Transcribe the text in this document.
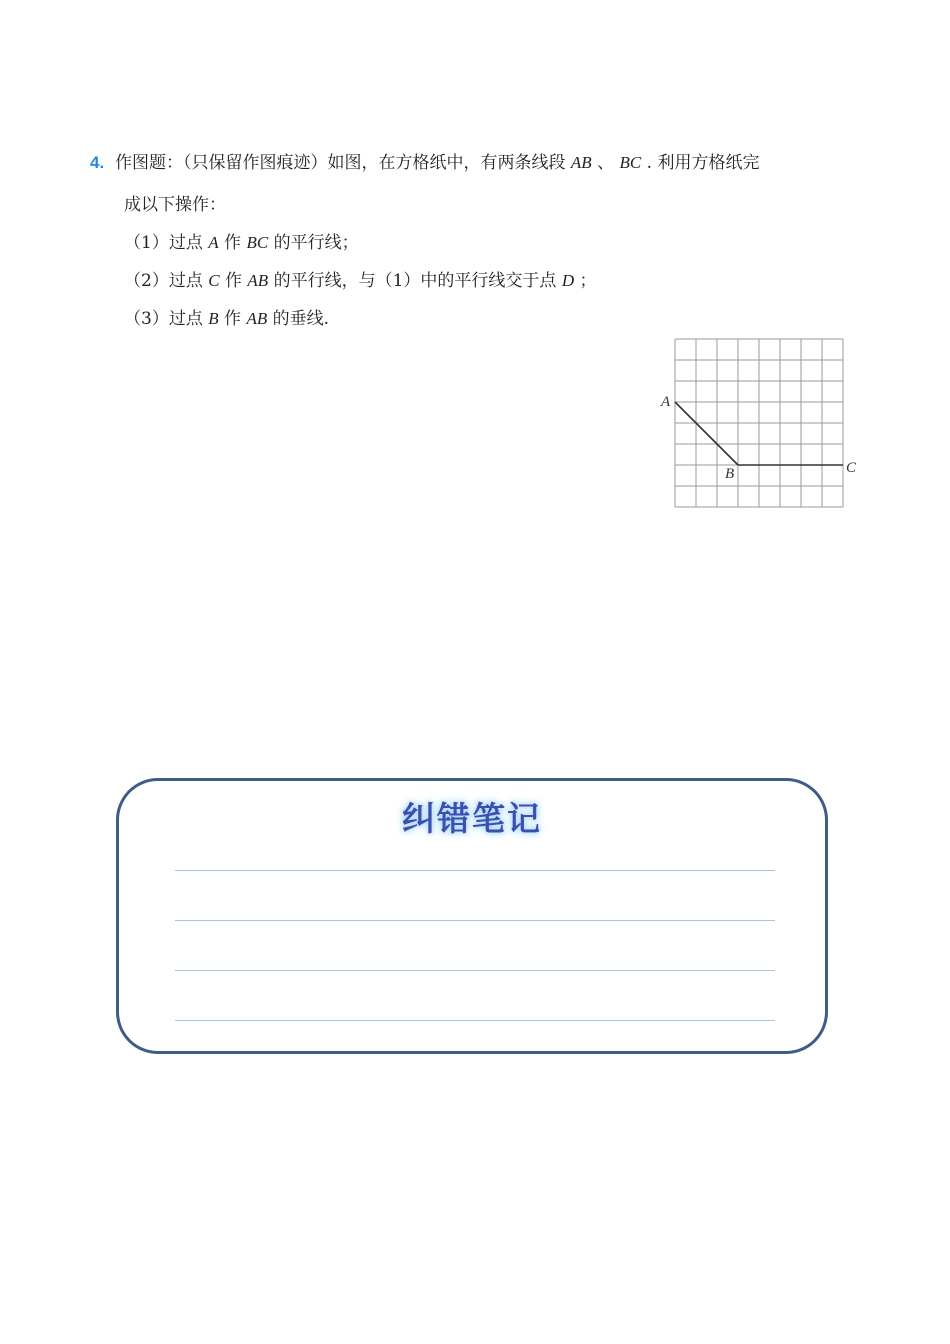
4. 作图题：（只保留作图痕迹）如图，在方格纸中，有两条线段 AB 、 BC . 利用方格纸完
成以下操作：
（1）过点 A 作 BC 的平行线；
（2）过点 C 作 AB 的平行线，与（1）中的平行线交于点 D ；
（3）过点 B 作 AB 的垂线.
A
B	C
纠错笔记
